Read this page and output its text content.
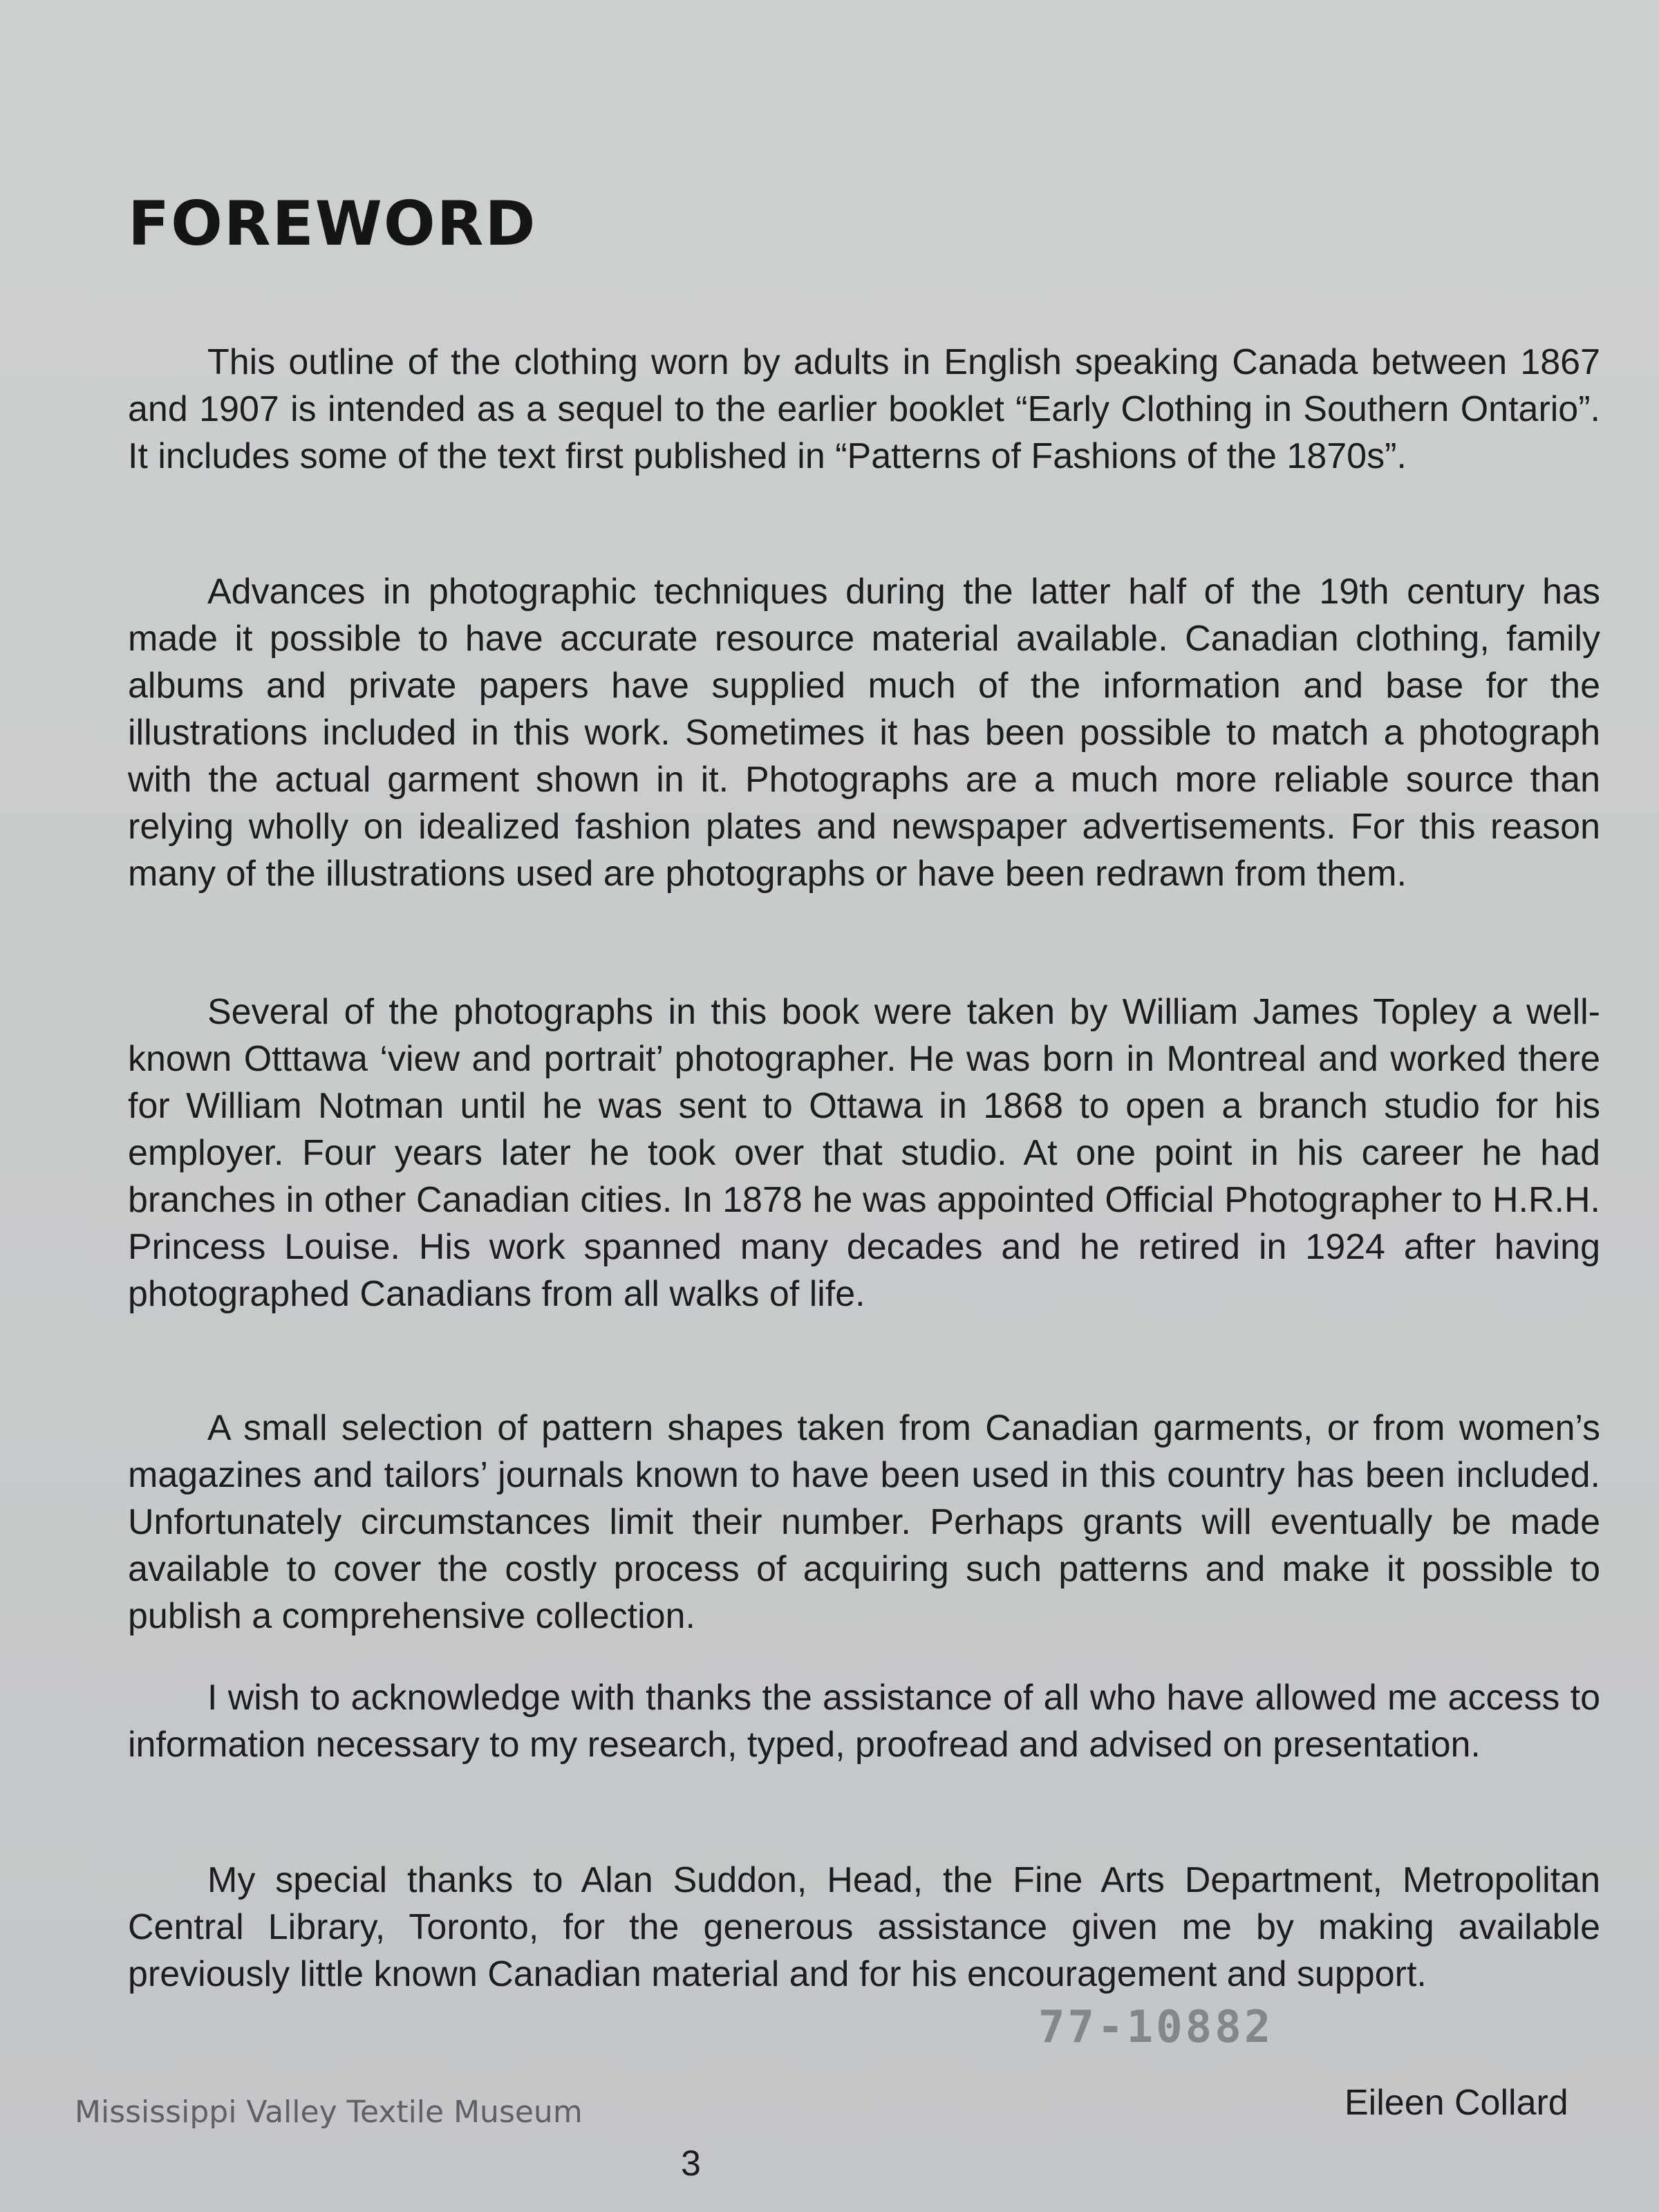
FOREWORD

This outline of the clothing worn by adults in English speaking Canada between 1867 and 1907 is intended as a sequel to the earlier booklet “Early Clothing in Southern Ontario”. It includes some of the text first published in “Patterns of Fashions of the 1870s”.

Advances in photographic techniques during the latter half of the 19th century has made it possible to have accurate resource material available. Canadian clothing, family albums and private papers have supplied much of the information and base for the illustrations included in this work. Sometimes it has been possible to match a photograph with the actual garment shown in it. Photographs are a much more reliable source than relying wholly on idealized fashion plates and newspaper advertisements. For this reason many of the illustrations used are photographs or have been redrawn from them.

Several of the photographs in this book were taken by William James Topley a well-known Otttawa ‘view and portrait’ photographer. He was born in Montreal and worked there for William Notman until he was sent to Ottawa in 1868 to open a branch studio for his employer. Four years later he took over that studio. At one point in his career he had branches in other Canadian cities. In 1878 he was appointed Official Photographer to H.R.H. Princess Louise. His work spanned many decades and he retired in 1924 after having photographed Canadians from all walks of life.

A small selection of pattern shapes taken from Canadian garments, or from women’s magazines and tailors’ journals known to have been used in this country has been included. Unfortunately circumstances limit their number. Perhaps grants will eventually be made available to cover the costly process of acquiring such patterns and make it possible to publish a comprehensive collection.

I wish to acknowledge with thanks the assistance of all who have allowed me access to information necessary to my research, typed, proofread and advised on presentation.

My special thanks to Alan Suddon, Head, the Fine Arts Department, Metropolitan Central Library, Toronto, for the generous assistance given me by making available previously little known Canadian material and for his encouragement and support.

77-10882

Eileen Collard

Mississippi Valley Textile Museum

3
